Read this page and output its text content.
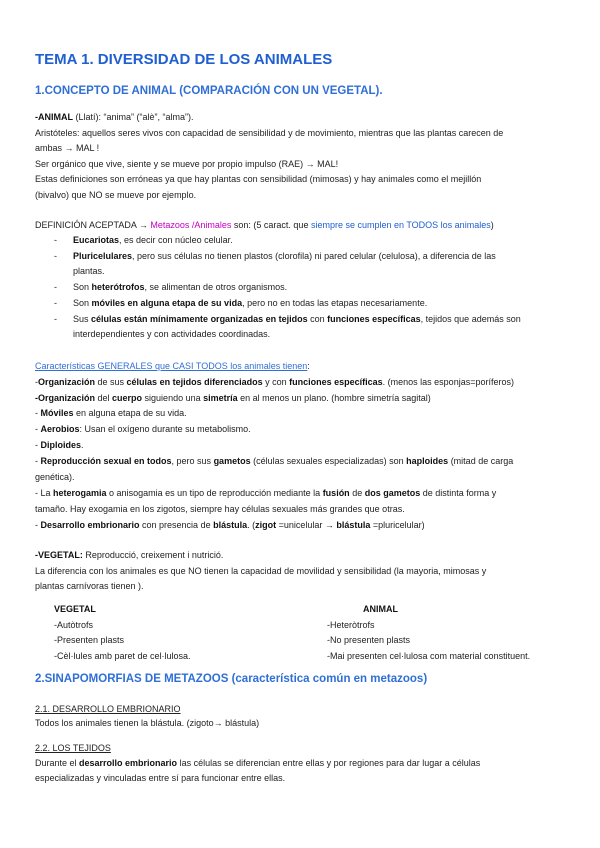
TEMA 1. DIVERSIDAD DE LOS ANIMALES
1.CONCEPTO DE ANIMAL (COMPARACIÓN CON UN VEGETAL).
-ANIMAL (Llatí): “anima” (“alè”, “alma”).
Aristóteles: aquellos seres vivos con capacidad de sensibilidad y de movimiento, mientras que las plantas carecen de
ambas → MAL !
Ser orgánico que vive, siente y se mueve por propio impulso (RAE) → MAL!
Estas definiciones son erróneas ya que hay plantas con sensibilidad (mimosas) y hay animales como el mejillón
(bivalvo) que NO se mueve por ejemplo.
DEFINICIÓN ACEPTADA → Metazoos /Animales son: (5 caract. que siempre se cumplen en TODOS los animales)
- Eucariotas, es decir con núcleo celular.
- Pluricelulares, pero sus células no tienen plastos (clorofila) ni pared celular (celulosa), a diferencia de las
plantas.
- Son heterótrofos, se alimentan de otros organismos.
- Son móviles en alguna etapa de su vida, pero no en todas las etapas necesariamente.
- Sus células están mínimamente organizadas en tejidos con funciones específicas, tejidos que además son
interdependientes y con actividades coordinadas.
Características GENERALES que CASI TODOS los animales tienen:
-Organización de sus células en tejidos diferenciados y con funciones específicas. (menos las esponjas=poríferos)
-Organización del cuerpo siguiendo una simetría en al menos un plano. (hombre simetría sagital)
- Móviles en alguna etapa de su vida.
- Aerobios: Usan el oxígeno durante su metabolismo.
- Diploides.
- Reproducción sexual en todos, pero sus gametos (células sexuales especializadas) son haploides (mitad de carga
genética).
- La heterogamia o anisogamia es un tipo de reproducción mediante la fusión de dos gametos de distinta forma y
tamaño. Hay exogamia en los zigotos, siempre hay células sexuales más grandes que otras.
- Desarrollo embrionario con presencia de blástula. (zigot =unicelular → blástula =pluricelular)
-VEGETAL: Reproducció, creixement i nutrició.
La diferencia con los animales es que NO tienen la capacidad de movilidad y sensibilidad (la mayoria, mimosas y
plantas carnívoras tienen ).
VEGETAL	ANIMAL
-Autòtrofs
-Presenten plasts
-Cèl·lules amb paret de cel·lulosa.
-Heteròtrofs
-No presenten plasts
-Mai presenten cel·lulosa com material constituent.
2.SINAPOMORFIAS DE METAZOOS (característica común en metazoos)
2.1. DESARROLLO EMBRIONARIO
Todos los animales tienen la blástula. (zigoto→ blástula)
2.2. LOS TEJIDOS
Durante el desarrollo embrionario las células se diferencian entre ellas y por regiones para dar lugar a células
especializadas y vinculadas entre sí para funcionar entre ellas.
